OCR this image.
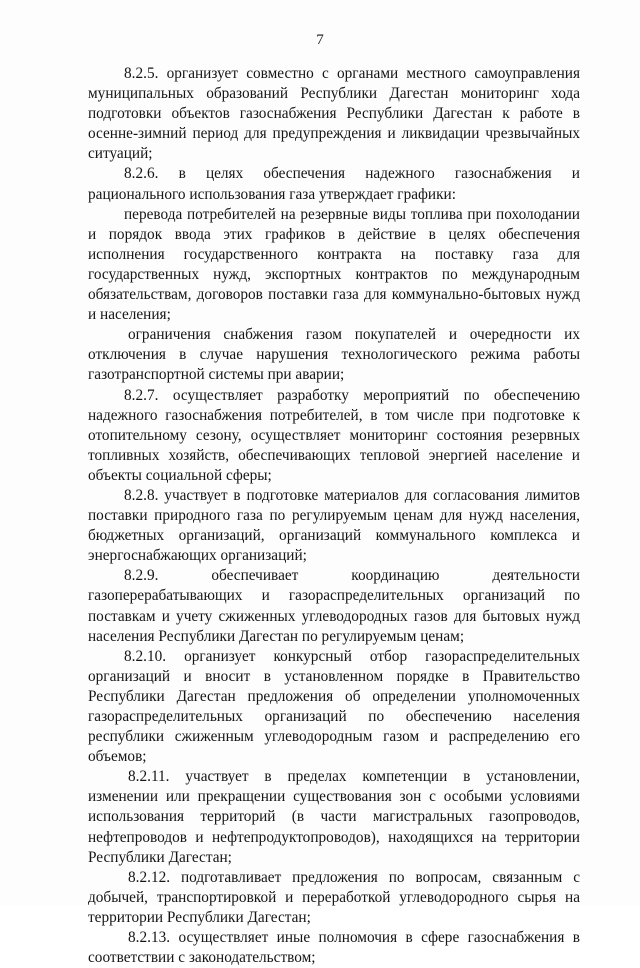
7

8.2.5. организует совместно с органами местного самоуправления муниципальных образований Республики Дагестан мониторинг хода подготовки объектов газоснабжения Республики Дагестан к работе в осенне-зимний период для предупреждения и ликвидации чрезвычайных ситуаций;

8.2.6. в целях обеспечения надежного газоснабжения и рационального использования газа утверждает графики:

перевода потребителей на резервные виды топлива при похолодании и порядок ввода этих графиков в действие в целях обеспечения исполнения государственного контракта на поставку газа для государственных нужд, экспортных контрактов по международным обязательствам, договоров поставки газа для коммунально-бытовых нужд и населения;

ограничения снабжения газом покупателей и очередности их отключения в случае нарушения технологического режима работы газотранспортной системы при аварии;

8.2.7. осуществляет разработку мероприятий по обеспечению надежного газоснабжения потребителей, в том числе при подготовке к отопительному сезону, осуществляет мониторинг состояния резервных топливных хозяйств, обеспечивающих тепловой энергией население и объекты социальной сферы;

8.2.8. участвует в подготовке материалов для согласования лимитов поставки природного газа по регулируемым ценам для нужд населения, бюджетных организаций, организаций коммунального комплекса и энергоснабжающих организаций;

8.2.9. обеспечивает координацию деятельности газоперерабатывающих и газораспределительных организаций по поставкам и учету сжиженных углеводородных газов для бытовых нужд населения Республики Дагестан по регулируемым ценам;

8.2.10. организует конкурсный отбор газораспределительных организаций и вносит в установленном порядке в Правительство Республики Дагестан предложения об определении уполномоченных газораспределительных организаций по обеспечению населения республики сжиженным углеводородным газом и распределению его объемов;

8.2.11. участвует в пределах компетенции в установлении, изменении или прекращении существования зон с особыми условиями использования территорий (в части магистральных газопроводов, нефтепроводов и нефтепродуктопроводов), находящихся на территории Республики Дагестан;

8.2.12. подготавливает предложения по вопросам, связанным с добычей, транспортировкой и переработкой углеводородного сырья на территории Республики Дагестан;

8.2.13. осуществляет иные полномочия в сфере газоснабжения в соответствии с законодательством;
